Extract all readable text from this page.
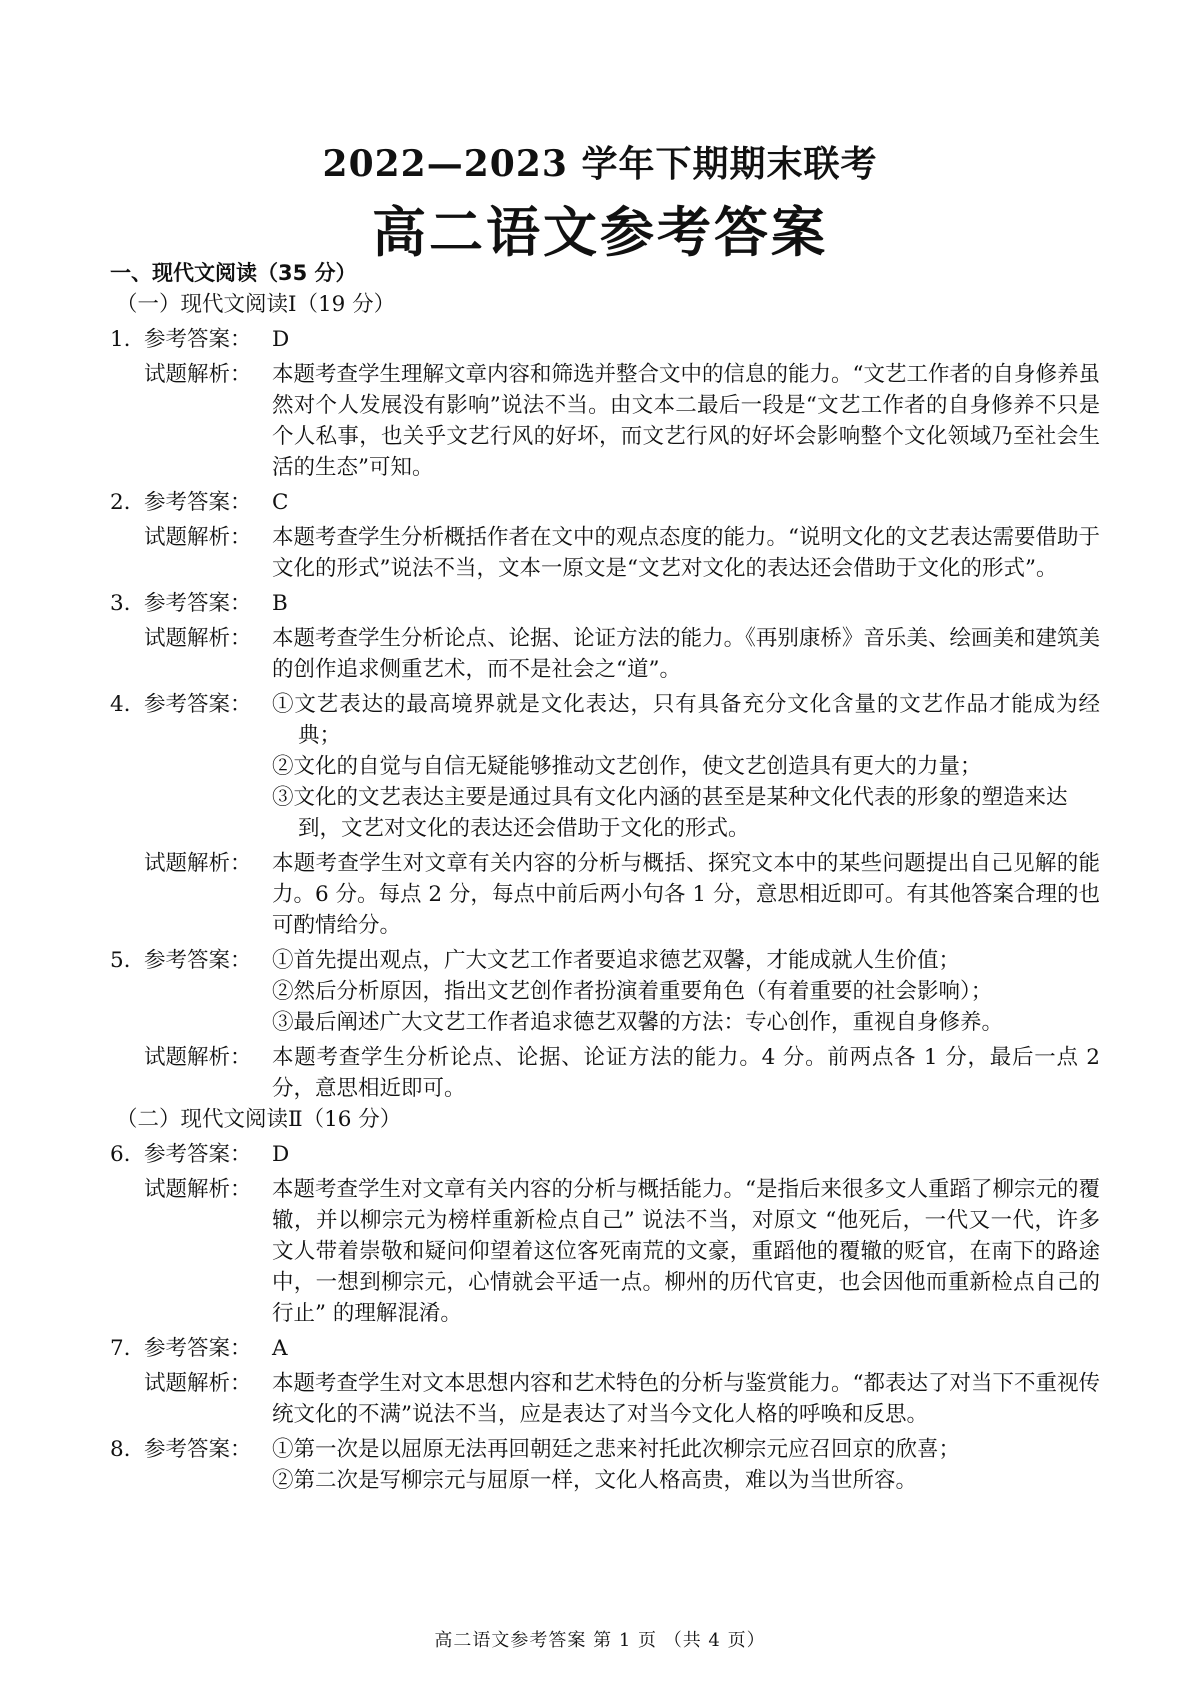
2022—2023 学年下期期末联考
高二语文参考答案
一、现代文阅读（35 分）
（一）现代文阅读Ⅰ（19 分）
1. 参考答案： D
试题解析： 本题考查学生理解文章内容和筛选并整合文中的信息的能力。“文艺工作者的自身修养虽然对个人发展没有影响”说法不当。由文本二最后一段是“文艺工作者的自身修养不只是个人私事，也关乎文艺行风的好坏，而文艺行风的好坏会影响整个文化领域乃至社会生活的生态”可知。
2. 参考答案： C
试题解析： 本题考查学生分析概括作者在文中的观点态度的能力。“说明文化的文艺表达需要借助于文化的形式”说法不当，文本一原文是“文艺对文化的表达还会借助于文化的形式”。
3. 参考答案： B
试题解析： 本题考查学生分析论点、论据、论证方法的能力。《再别康桥》音乐美、绘画美和建筑美的创作追求侧重艺术，而不是社会之“道”。
4. 参考答案： ①文艺表达的最高境界就是文化表达，只有具备充分文化含量的文艺作品才能成为经典；
②文化的自觉与自信无疑能够推动文艺创作，使文艺创造具有更大的力量；
③文化的文艺表达主要是通过具有文化内涵的甚至是某种文化代表的形象的塑造来达到，文艺对文化的表达还会借助于文化的形式。
试题解析： 本题考查学生对文章有关内容的分析与概括、探究文本中的某些问题提出自己见解的能力。6 分。每点 2 分，每点中前后两小句各 1 分，意思相近即可。有其他答案合理的也可酌情给分。
5. 参考答案： ①首先提出观点，广大文艺工作者要追求德艺双馨，才能成就人生价值；
②然后分析原因，指出文艺创作者扮演着重要角色（有着重要的社会影响）；
③最后阐述广大文艺工作者追求德艺双馨的方法：专心创作，重视自身修养。
试题解析： 本题考查学生分析论点、论据、论证方法的能力。4 分。前两点各 1 分，最后一点 2 分，意思相近即可。
（二）现代文阅读Ⅱ（16 分）
6. 参考答案： D
试题解析： 本题考查学生对文章有关内容的分析与概括能力。“是指后来很多文人重蹈了柳宗元的覆辙，并以柳宗元为榜样重新检点自己” 说法不当，对原文 “他死后，一代又一代，许多文人带着崇敬和疑问仰望着这位客死南荒的文豪，重蹈他的覆辙的贬官，在南下的路途中，一想到柳宗元，心情就会平适一点。柳州的历代官吏，也会因他而重新检点自己的行止” 的理解混淆。
7. 参考答案： A
试题解析： 本题考查学生对文本思想内容和艺术特色的分析与鉴赏能力。“都表达了对当下不重视传统文化的不满”说法不当，应是表达了对当今文化人格的呼唤和反思。
8. 参考答案： ①第一次是以屈原无法再回朝廷之悲来衬托此次柳宗元应召回京的欣喜；
②第二次是写柳宗元与屈原一样，文化人格高贵，难以为当世所容。
高二语文参考答案 第 1 页 （共 4 页）
